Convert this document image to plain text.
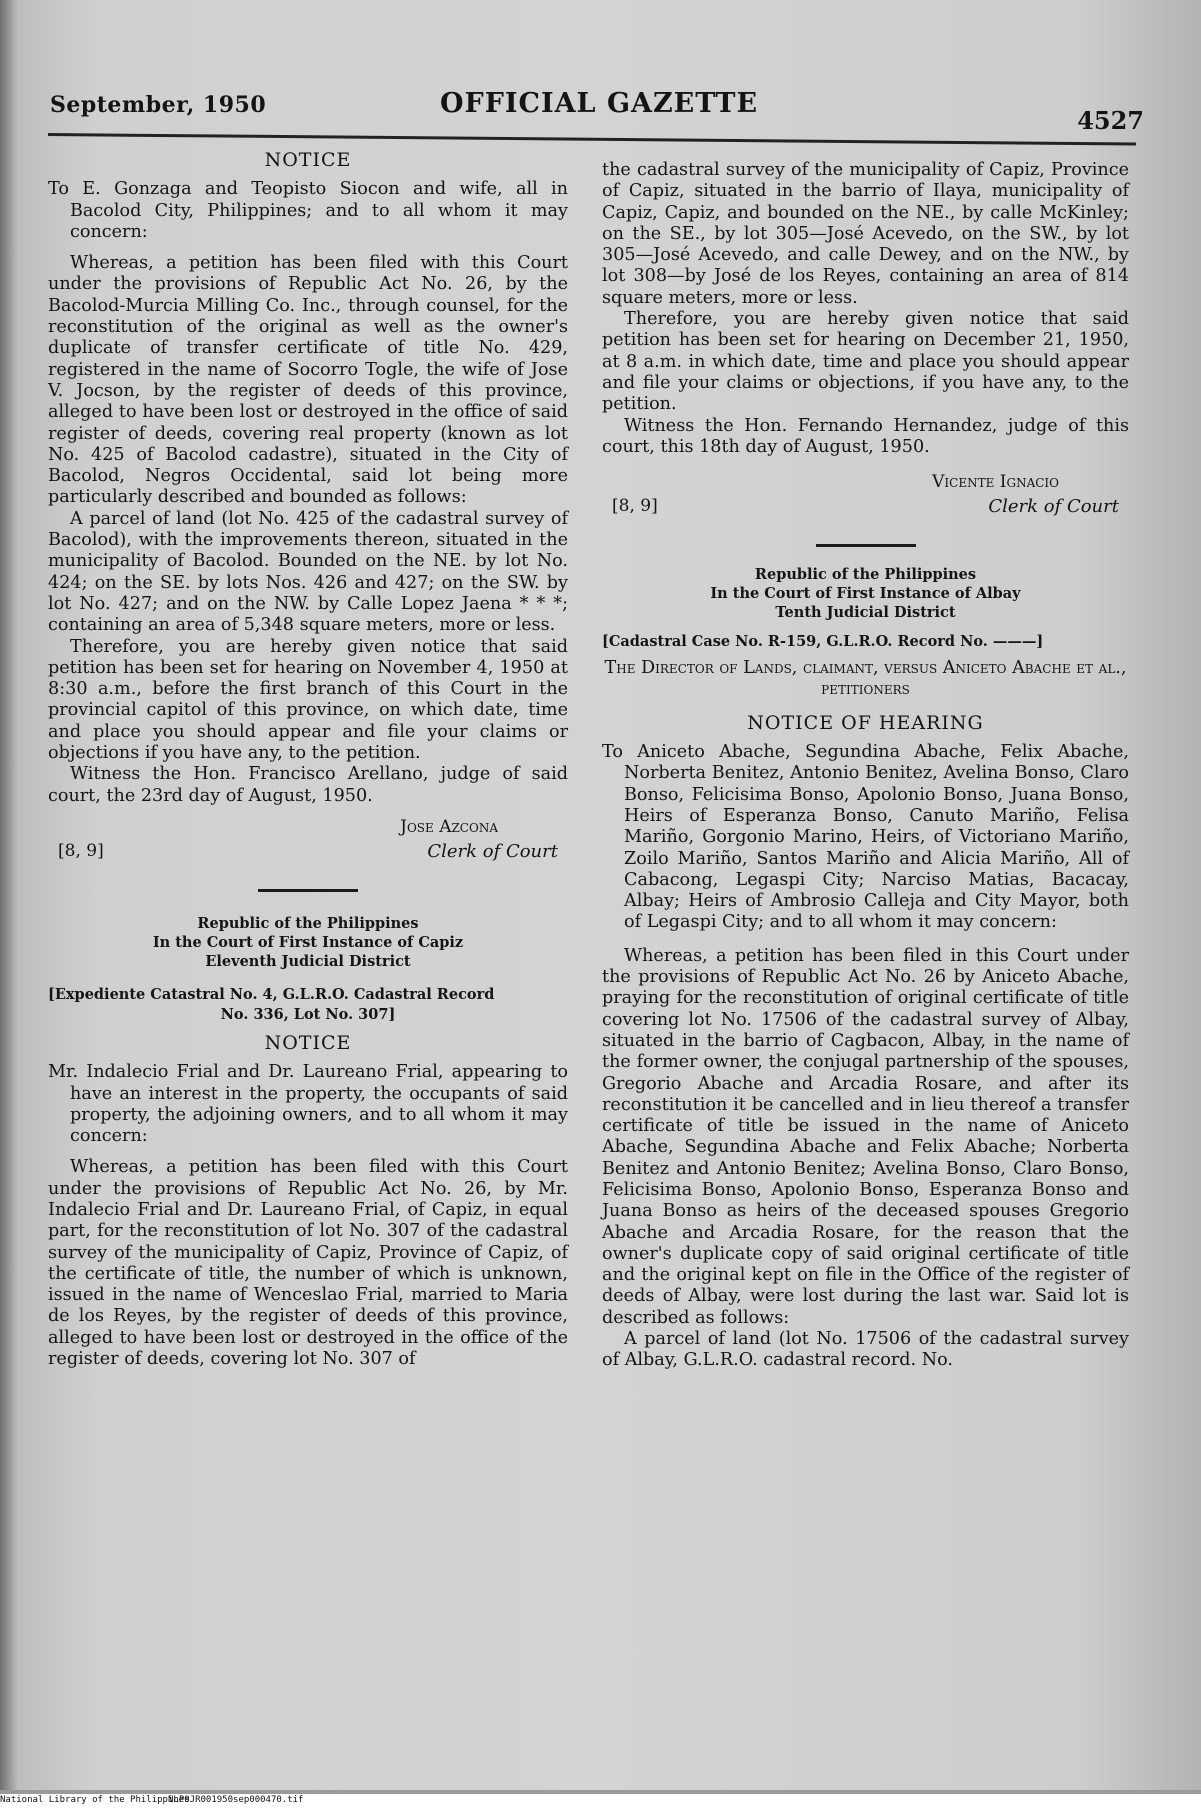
September, 1950	OFFICIAL GAZETTE
4527
NOTICE

To E. Gonzaga and Teopisto Siocon and wife, all in Bacolod City, Philippines; and to all whom it may concern:

Whereas, a petition has been filed with this Court under the provisions of Republic Act No. 26, by the Bacolod-Murcia Milling Co. Inc., through counsel, for the reconstitution of the original as well as the owner's duplicate of transfer certificate of title No. 429, registered in the name of Socorro Togle, the wife of Jose V. Jocson, by the register of deeds of this province, alleged to have been lost or destroyed in the office of said register of deeds, covering real property (known as lot No. 425 of Bacolod cadastre), situated in the City of Bacolod, Negros Occidental, said lot being more particularly described and bounded as follows:

A parcel of land (lot No. 425 of the cadastral survey of Bacolod), with the improvements thereon, situated in the municipality of Bacolod. Bounded on the NE. by lot No. 424; on the SE. by lots Nos. 426 and 427; on the SW. by lot No. 427; and on the NW. by Calle Lopez Jaena * * *; containing an area of 5,348 square meters, more or less.

Therefore, you are hereby given notice that said petition has been set for hearing on November 4, 1950 at 8:30 a.m., before the first branch of this Court in the provincial capitol of this province, on which date, time and place you should appear and file your claims or objections if you have any, to the petition.

Witness the Hon. Francisco Arellano, judge of said court, the 23rd day of August, 1950.

Jose Azcona
[8, 9]	Clerk of Court
Republic of the Philippines
In the Court of First Instance of Capiz
Eleventh Judicial District
[Expediente Catastral No. 4, G.L.R.O. Cadastral Record
No. 336, Lot No. 307]
NOTICE

Mr. Indalecio Frial and Dr. Laureano Frial, appearing to have an interest in the property, the occupants of said property, the adjoining owners, and to all whom it may concern:

Whereas, a petition has been filed with this Court under the provisions of Republic Act No. 26, by Mr. Indalecio Frial and Dr. Laureano Frial, of Capiz, in equal part, for the reconstitution of lot No. 307 of the cadastral survey of the municipality of Capiz, Province of Capiz, of the certificate of title, the number of which is unknown, issued in the name of Wenceslao Frial, married to Maria de los Reyes, by the register of deeds of this province, alleged to have been lost or destroyed in the office of the register of deeds, covering lot No. 307 of

the cadastral survey of the municipality of Capiz, Province of Capiz, situated in the barrio of Ilaya, municipality of Capiz, Capiz, and bounded on the NE., by calle McKinley; on the SE., by lot 305—José Acevedo, on the SW., by lot 305—José Acevedo, and calle Dewey, and on the NW., by lot 308—by José de los Reyes, containing an area of 814 square meters, more or less.

Therefore, you are hereby given notice that said petition has been set for hearing on December 21, 1950, at 8 a.m. in which date, time and place you should appear and file your claims or objections, if you have any, to the petition.

Witness the Hon. Fernando Hernandez, judge of this court, this 18th day of August, 1950.

Vicente Ignacio
[8, 9]	Clerk of Court
Republic of the Philippines
In the Court of First Instance of Albay
Tenth Judicial District
[Cadastral Case No. R-159, G.L.R.O. Record No. ———]

The Director of Lands, claimant, versus Aniceto Abache et al., petitioners

NOTICE OF HEARING

To Aniceto Abache, Segundina Abache, Felix Abache, Norberta Benitez, Antonio Benitez, Avelina Bonso, Claro Bonso, Felicisima Bonso, Apolonio Bonso, Juana Bonso, Heirs of Esperanza Bonso, Canuto Mariño, Felisa Mariño, Gorgonio Marino, Heirs, of Victoriano Mariño, Zoilo Mariño, Santos Mariño and Alicia Mariño, All of Cabacong, Legaspi City; Narciso Matias, Bacacay, Albay; Heirs of Ambrosio Calleja and City Mayor, both of Legaspi City; and to all whom it may concern:

Whereas, a petition has been filed in this Court under the provisions of Republic Act No. 26 by Aniceto Abache, praying for the reconstitution of original certificate of title covering lot No. 17506 of the cadastral survey of Albay, situated in the barrio of Cagbacon, Albay, in the name of the former owner, the conjugal partnership of the spouses, Gregorio Abache and Arcadia Rosare, and after its reconstitution it be cancelled and in lieu thereof a transfer certificate of title be issued in the name of Aniceto Abache, Segundina Abache and Felix Abache; Norberta Benitez and Antonio Benitez; Avelina Bonso, Claro Bonso, Felicisima Bonso, Apolonio Bonso, Esperanza Bonso and Juana Bonso as heirs of the deceased spouses Gregorio Abache and Arcadia Rosare, for the reason that the owner's duplicate copy of said original certificate of title and the original kept on file in the Office of the register of deeds of Albay, were lost during the last war. Said lot is described as follows:

A parcel of land (lot No. 17506 of the cadastral survey of Albay, G.L.R.O. cadastral record. No.

National Library of the Philippines
NLP0JR001950sep000470.tif
